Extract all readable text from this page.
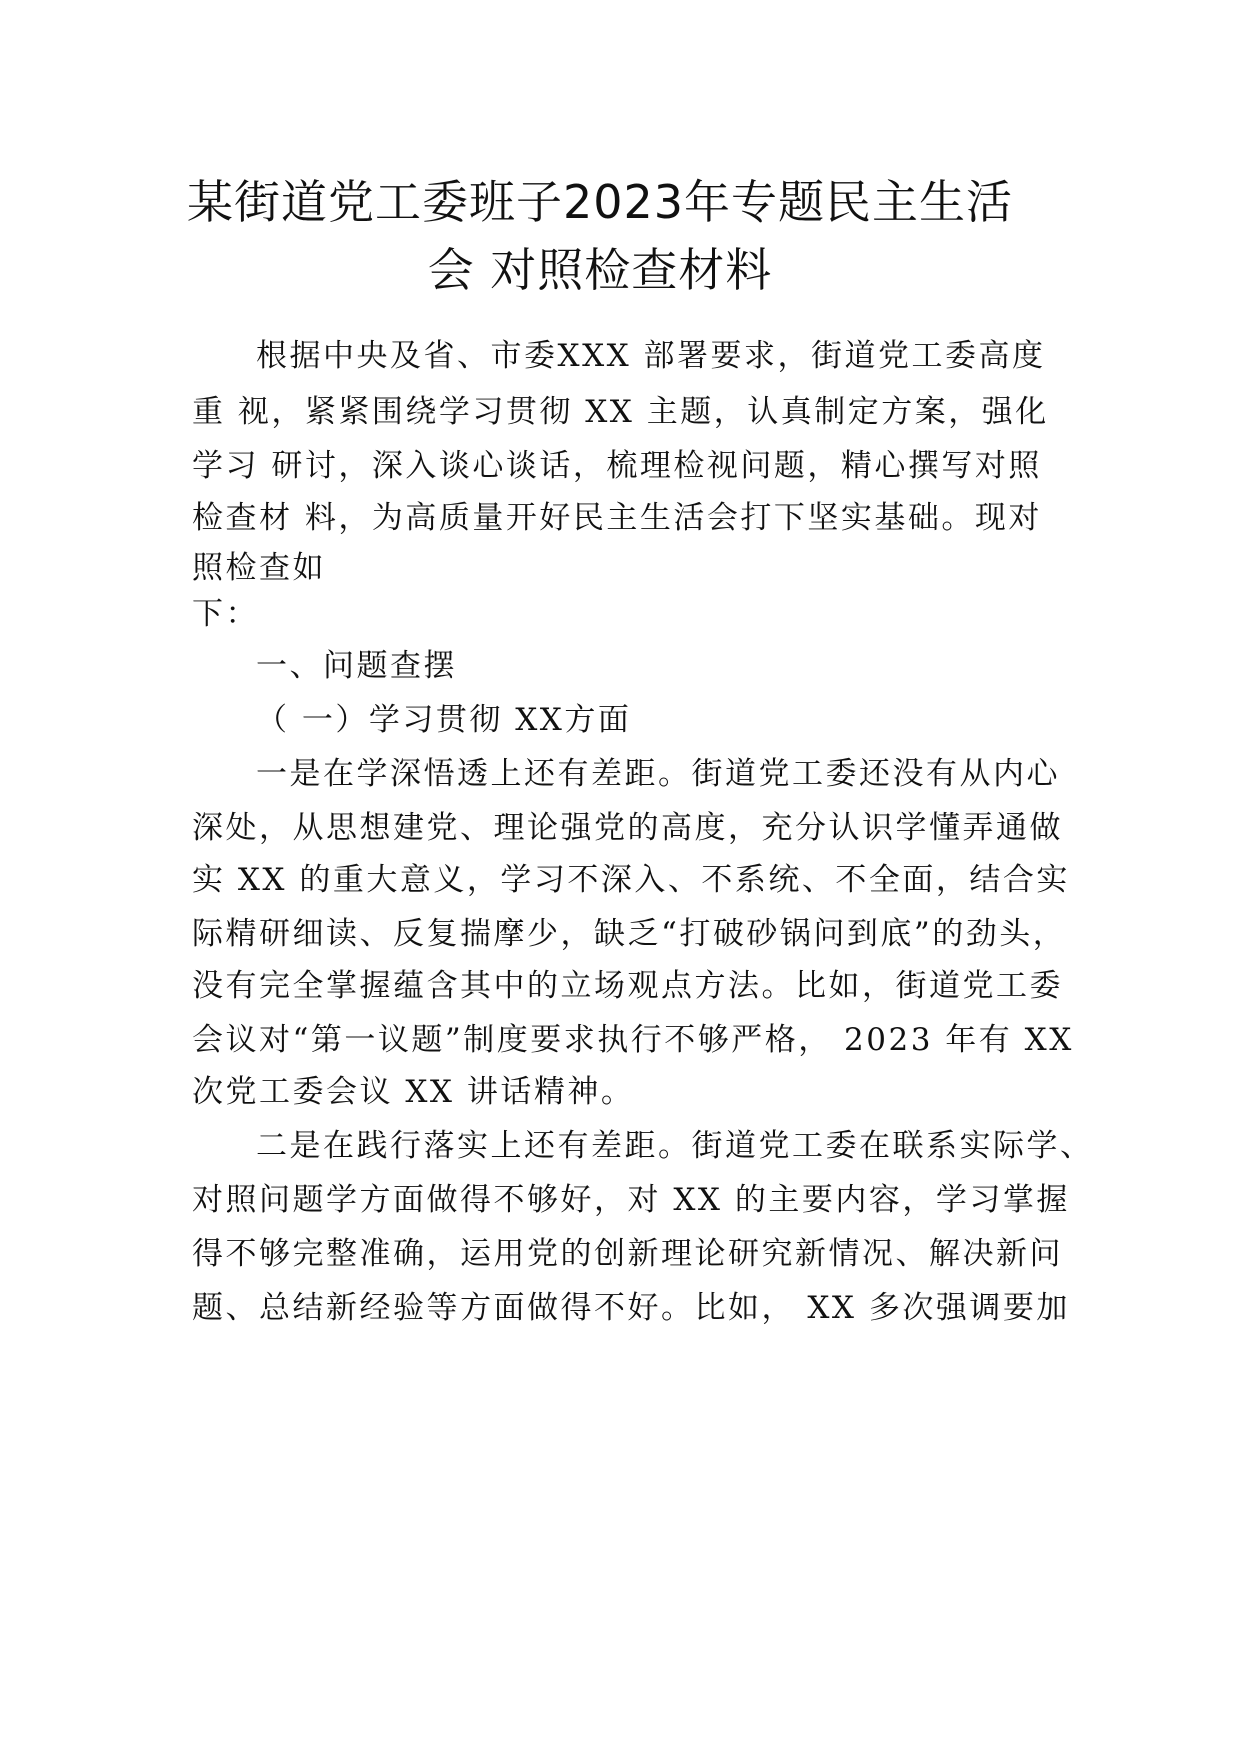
某街道党工委班子2023年专题民主生活
会 对照检查材料

根据中央及省、市委XXX 部署要求，街道党工委高度

重 视，紧紧围绕学习贯彻 XX 主题，认真制定方案，强化

学习 研讨，深入谈心谈话，梳理检视问题，精心撰写对照

检查材 料，为高质量开好民主生活会打下坚实基础。现对

照检查如

下：

一、问题查摆

（ 一）学习贯彻 XX方面

一是在学深悟透上还有差距。街道党工委还没有从内心

深处，从思想建党、理论强党的高度，充分认识学懂弄通做

实 XX 的重大意义，学习不深入、不系统、不全面，结合实

际精研细读、反复揣摩少，缺乏“打破砂锅问到底”的劲头，

没有完全掌握蕴含其中的立场观点方法。比如，街道党工委

会议对“第一议题”制度要求执行不够严格， 2023 年有 XX

次党工委会议 XX 讲话精神。

二是在践行落实上还有差距。街道党工委在联系实际学、

对照问题学方面做得不够好，对 XX 的主要内容，学习掌握

得不够完整准确，运用党的创新理论研究新情况、解决新问

题、总结新经验等方面做得不好。比如， XX 多次强调要加
